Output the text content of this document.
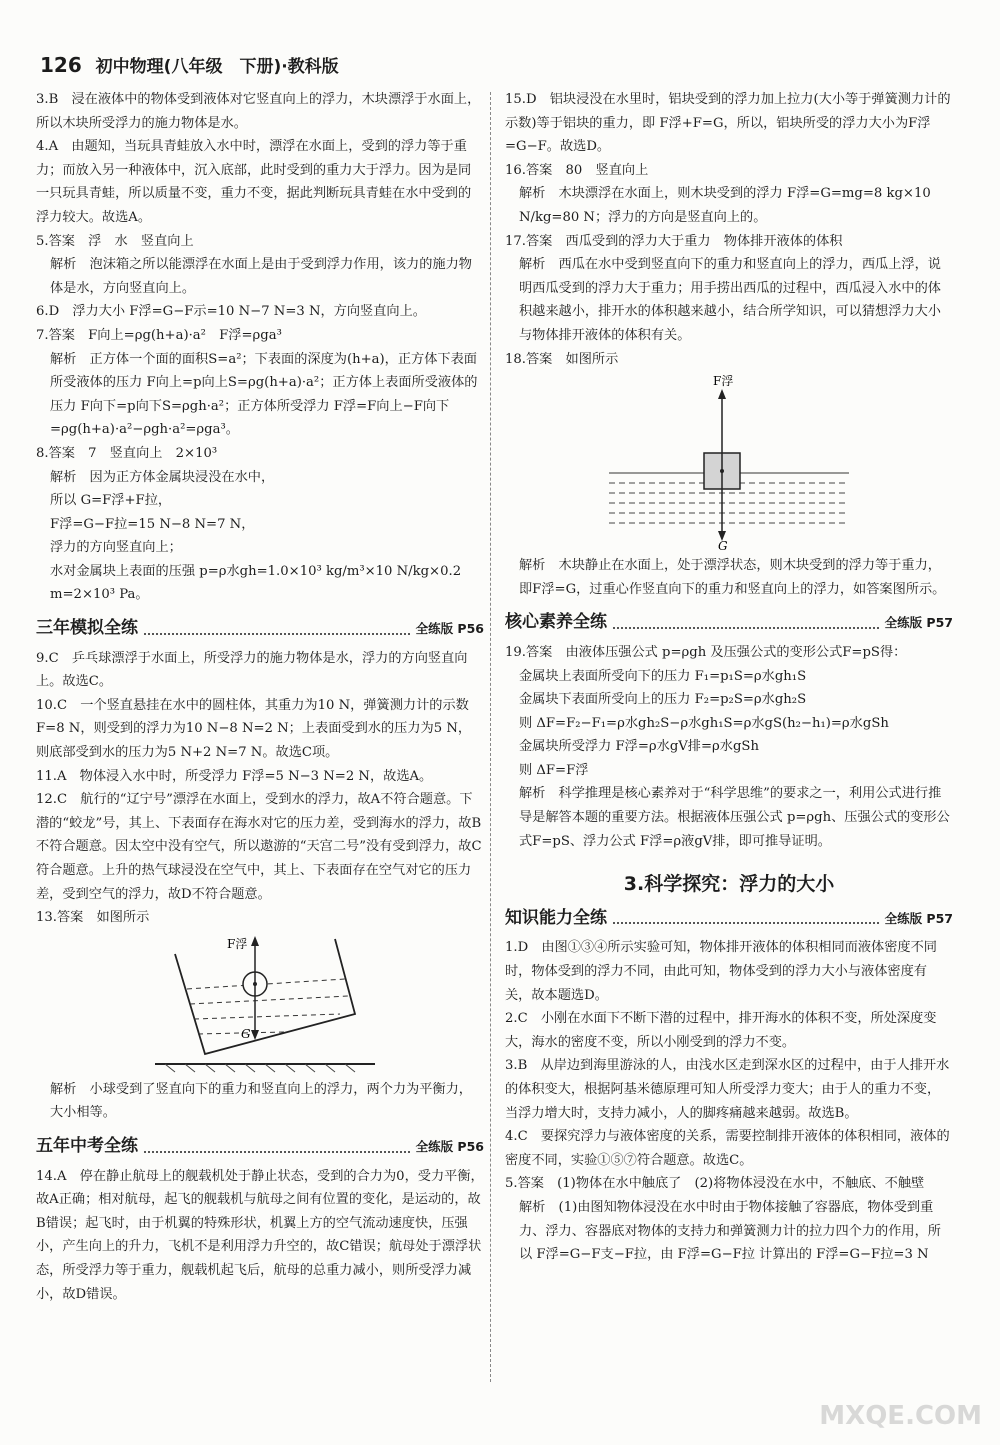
126 初中物理(八年级　下册)·教科版

3.B　浸在液体中的物体受到液体对它竖直向上的浮力，木块漂浮于水面上，所以木块所受浮力的施力物体是水。

4.A　由题知，当玩具青蛙放入水中时，漂浮在水面上，受到的浮力等于重力；而放入另一种液体中，沉入底部，此时受到的重力大于浮力。因为是同一只玩具青蛙，所以质量不变，重力不变，据此判断玩具青蛙在水中受到的浮力较大。故选A。

5.答案　浮　水　竖直向上

解析　泡沫箱之所以能漂浮在水面上是由于受到浮力作用，该力的施力物体是水，方向竖直向上。

6.D　浮力大小 F浮=G−F示=10 N−7 N=3 N，方向竖直向上。

7.答案　F向上=ρg(h+a)·a²　F浮=ρga³

解析　正方体一个面的面积S=a²；下表面的深度为(h+a)，正方体下表面所受液体的压力 F向上=p向上S=ρg(h+a)·a²；正方体上表面所受液体的压力 F向下=p向下S=ρgh·a²；正方体所受浮力 F浮=F向上−F向下=ρg(h+a)·a²−ρgh·a²=ρga³。

8.答案　7　竖直向上　2×10³

解析　因为正方体金属块浸没在水中，

所以 G=F浮+F拉，

F浮=G−F拉=15 N−8 N=7 N，

浮力的方向竖直向上；

水对金属块上表面的压强 p=ρ水gh=1.0×10³ kg/m³×10 N/kg×0.2 m=2×10³ Pa。

三年模拟全练	全练版 P56

9.C　乒乓球漂浮于水面上，所受浮力的施力物体是水，浮力的方向竖直向上。故选C。

10.C　一个竖直悬挂在水中的圆柱体，其重力为10 N，弹簧测力计的示数 F=8 N，则受到的浮力为10 N−8 N=2 N；上表面受到水的压力为5 N，则底部受到水的压力为5 N+2 N=7 N。故选C项。

11.A　物体浸入水中时，所受浮力 F浮=5 N−3 N=2 N，故选A。

12.C　航行的“辽宁号”漂浮在水面上，受到水的浮力，故A不符合题意。下潜的“蛟龙”号，其上、下表面存在海水对它的压力差，受到海水的浮力，故B不符合题意。因太空中没有空气，所以遨游的“天宫二号”没有受到浮力，故C符合题意。上升的热气球浸没在空气中，其上、下表面存在空气对它的压力差，受到空气的浮力，故D不符合题意。

13.答案　如图所示

F浮
G

解析　小球受到了竖直向下的重力和竖直向上的浮力，两个力为平衡力，大小相等。

五年中考全练	全练版 P56

14.A　停在静止航母上的舰载机处于静止状态，受到的合力为0，受力平衡，故A正确；相对航母，起飞的舰载机与航母之间有位置的变化，是运动的，故B错误；起飞时，由于机翼的特殊形状，机翼上方的空气流动速度快，压强小，产生向上的升力，飞机不是利用浮力升空的，故C错误；航母处于漂浮状态，所受浮力等于重力，舰载机起飞后，航母的总重力减小，则所受浮力减小，故D错误。

15.D　铝块浸没在水里时，铝块受到的浮力加上拉力(大小等于弹簧测力计的示数)等于铝块的重力，即 F浮+F=G，所以，铝块所受的浮力大小为F浮=G−F。故选D。

16.答案　80　竖直向上

解析　木块漂浮在水面上，则木块受到的浮力 F浮=G=mg=8 kg×10 N/kg=80 N；浮力的方向是竖直向上的。

17.答案　西瓜受到的浮力大于重力　物体排开液体的体积

解析　西瓜在水中受到竖直向下的重力和竖直向上的浮力，西瓜上浮，说明西瓜受到的浮力大于重力；用手捞出西瓜的过程中，西瓜浸入水中的体积越来越小，排开水的体积越来越小，结合所学知识，可以猜想浮力大小与物体排开液体的体积有关。

18.答案　如图所示

F浮
G

解析　木块静止在水面上，处于漂浮状态，则木块受到的浮力等于重力，即F浮=G，过重心作竖直向下的重力和竖直向上的浮力，如答案图所示。

核心素养全练	全练版 P57

19.答案　由液体压强公式 p=ρgh 及压强公式的变形公式F=pS得：

金属块上表面所受向下的压力 F₁=p₁S=ρ水gh₁S

金属块下表面所受向上的压力 F₂=p₂S=ρ水gh₂S

则 ΔF=F₂−F₁=ρ水gh₂S−ρ水gh₁S=ρ水gS(h₂−h₁)=ρ水gSh

金属块所受浮力 F浮=ρ水gV排=ρ水gSh

则 ΔF=F浮

解析　科学推理是核心素养对于“科学思维”的要求之一，利用公式进行推导是解答本题的重要方法。根据液体压强公式 p=ρgh、压强公式的变形公式F=pS、浮力公式 F浮=ρ液gV排，即可推导证明。

3.科学探究：浮力的大小
知识能力全练	全练版 P57

1.D　由图①③④所示实验可知，物体排开液体的体积相同而液体密度不同时，物体受到的浮力不同，由此可知，物体受到的浮力大小与液体密度有关，故本题选D。

2.C　小刚在水面下不断下潜的过程中，排开海水的体积不变，所处深度变大，海水的密度不变，所以小刚受到的浮力不变。

3.B　从岸边到海里游泳的人，由浅水区走到深水区的过程中，由于人排开水的体积变大，根据阿基米德原理可知人所受浮力变大；由于人的重力不变，当浮力增大时，支持力减小，人的脚疼痛越来越弱。故选B。

4.C　要探究浮力与液体密度的关系，需要控制排开液体的体积相同，液体的密度不同，实验①⑤⑦符合题意。故选C。

5.答案　(1)物体在水中触底了　(2)将物体浸没在水中，不触底、不触壁

解析　(1)由图知物体浸没在水中时由于物体接触了容器底，物体受到重力、浮力、容器底对物体的支持力和弹簧测力计的拉力四个力的作用，所以 F浮=G−F支−F拉，由 F浮=G−F拉 计算出的 F浮=G−F拉=3 N

MXQE.COM
